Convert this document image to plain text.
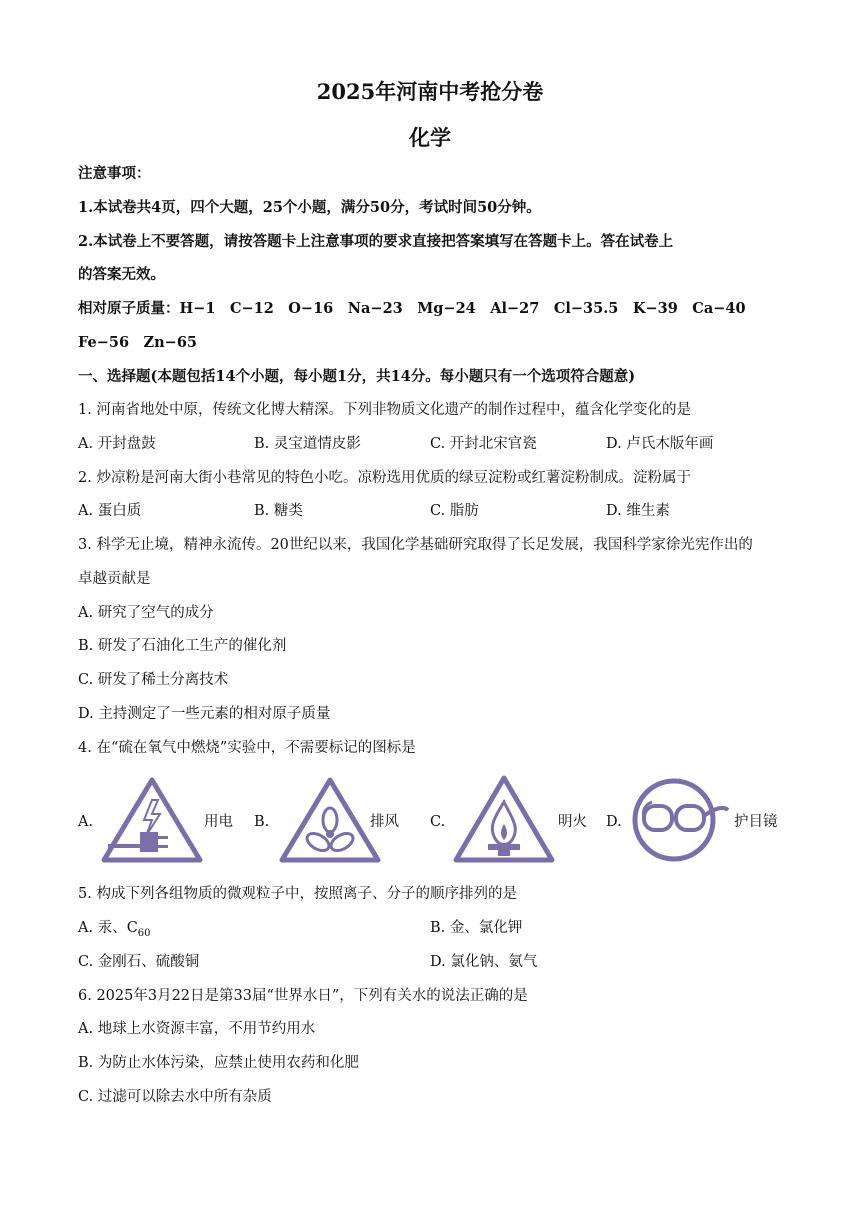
2025年河南中考抢分卷
化学
注意事项：
1.本试卷共4页，四个大题，25个小题，满分50分，考试时间50分钟。
2.本试卷上不要答题，请按答题卡上注意事项的要求直接把答案填写在答题卡上。答在试卷上
的答案无效。
相对原子质量：H−1　C−12　O−16　Na−23　Mg−24　Al−27　Cl−35.5　K−39　Ca−40
Fe−56　Zn−65
一、选择题(本题包括14个小题，每小题1分，共14分。每小题只有一个选项符合题意)
1. 河南省地处中原，传统文化博大精深。下列非物质文化遗产的制作过程中，蕴含化学变化的是
A. 开封盘鼓	B. 灵宝道情皮影	C. 开封北宋官瓷	D. 卢氏木版年画
2. 炒凉粉是河南大街小巷常见的特色小吃。凉粉选用优质的绿豆淀粉或红薯淀粉制成。淀粉属于
A. 蛋白质	B. 糖类	C. 脂肪	D. 维生素
3. 科学无止境，精神永流传。20世纪以来，我国化学基础研究取得了长足发展，我国科学家徐光宪作出的
卓越贡献是
A. 研究了空气的成分
B. 研发了石油化工生产的催化剂
C. 研发了稀土分离技术
D. 主持测定了一些元素的相对原子质量
4. 在“硫在氧气中燃烧”实验中，不需要标记的图标是
A.	用电 B.	排风 C.	明火 D.	护目镜
5. 构成下列各组物质的微观粒子中，按照离子、分子的顺序排列的是
A. 汞、$C_{60}$	B. 金、氯化钾
C. 金刚石、硫酸铜	D. 氯化钠、氨气
6. 2025年3月22日是第33届“世界水日”，下列有关水的说法正确的是
A. 地球上水资源丰富，不用节约用水
B. 为防止水体污染，应禁止使用农药和化肥
C. 过滤可以除去水中所有杂质
